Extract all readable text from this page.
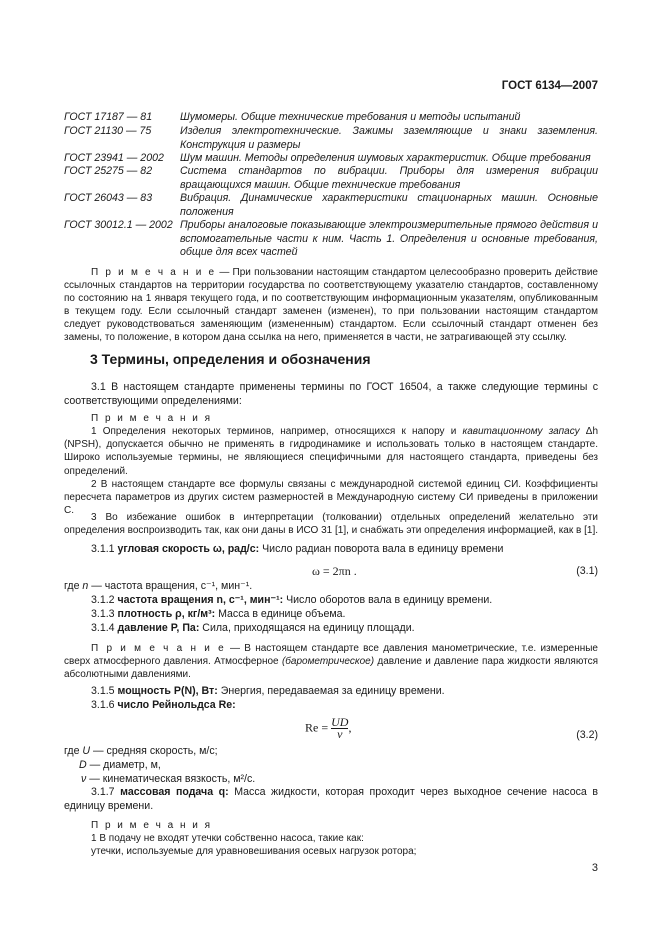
ГОСТ 6134—2007
ГОСТ 17187 — 81	Шумомеры. Общие технические требования и методы испытаний
ГОСТ 21130 — 75	Изделия электротехнические. Зажимы заземляющие и знаки заземления. Конструкция и размеры
ГОСТ 23941 — 2002 Шум машин. Методы определения шумовых характеристик. Общие требования
ГОСТ 25275 — 82	Система стандартов по вибрации. Приборы для измерения вибрации вращающихся машин. Общие технические требования
ГОСТ 26043 — 83	Вибрация. Динамические характеристики стационарных машин. Основные положения
ГОСТ 30012.1 — 2002 Приборы аналоговые показывающие электроизмерительные прямого действия и вспомогательные части к ним. Часть 1. Определения и основные требования, общие для всех частей
П р и м е ч а н и е — При пользовании настоящим стандартом целесообразно проверить действие ссылочных стандартов на территории государства по соответствующему указателю стандартов, составленному по состоянию на 1 января текущего года, и по соответствующим информационным указателям, опубликованным в текущем году. Если ссылочный стандарт заменен (изменен), то при пользовании настоящим стандартом следует руководствоваться заменяющим (измененным) стандартом. Если ссылочный стандарт отменен без замены, то положение, в котором дана ссылка на него, применяется в части, не затрагивающей эту ссылку.
3 Термины, определения и обозначения
3.1 В настоящем стандарте применены термины по ГОСТ 16504, а также следующие термины с соответствующими определениями:
П р и м е ч а н и я
1 Определения некоторых терминов, например, относящихся к напору и кавитационному запасу Δh (NPSH), допускается обычно не применять в гидродинамике и использовать только в настоящем стандарте. Широко используемые термины, не являющиеся специфичными для настоящего стандарта, приведены без определений.
2 В настоящем стандарте все формулы связаны с международной системой единиц СИ. Коэффициенты пересчета параметров из других систем размерностей в Международную систему СИ приведены в приложении С.
3 Во избежание ошибок в интерпретации (толковании) отдельных определений желательно эти определения воспроизводить так, как они даны в ИСО 31 [1], и снабжать эти определения информацией, как в [1].
3.1.1 угловая скорость ω, рад/с: Число радиан поворота вала в единицу времени
ω = 2πn .	(3.1)
где n — частота вращения, с⁻¹, мин⁻¹.
3.1.2 частота вращения n, с⁻¹, мин⁻¹: Число оборотов вала в единицу времени.
3.1.3 плотность ρ, кг/м³: Масса в единице объема.
3.1.4 давление P, Па: Сила, приходящаяся на единицу площади.
П р и м е ч а н и е — В настоящем стандарте все давления манометрические, т.е. измеренные сверх атмосферного давления. Атмосферное (барометрическое) давление и давление пара жидкости являются абсолютными давлениями.
3.1.5 мощность P(N), Вт: Энергия, передаваемая за единицу времени.
3.1.6 число Рейнольдса Re:
$Re = \frac{UD}{\nu}$ ,
(3.2)
где U — средняя скорость, м/с;
D — диаметр, м,
ν — кинематическая вязкость, м²/с.
3.1.7 массовая подача q: Масса жидкости, которая проходит через выходное сечение насоса в единицу времени.
П р и м е ч а н и я
1 В подачу не входят утечки собственно насоса, такие как:
утечки, используемые для уравновешивания осевых нагрузок ротора;
3
